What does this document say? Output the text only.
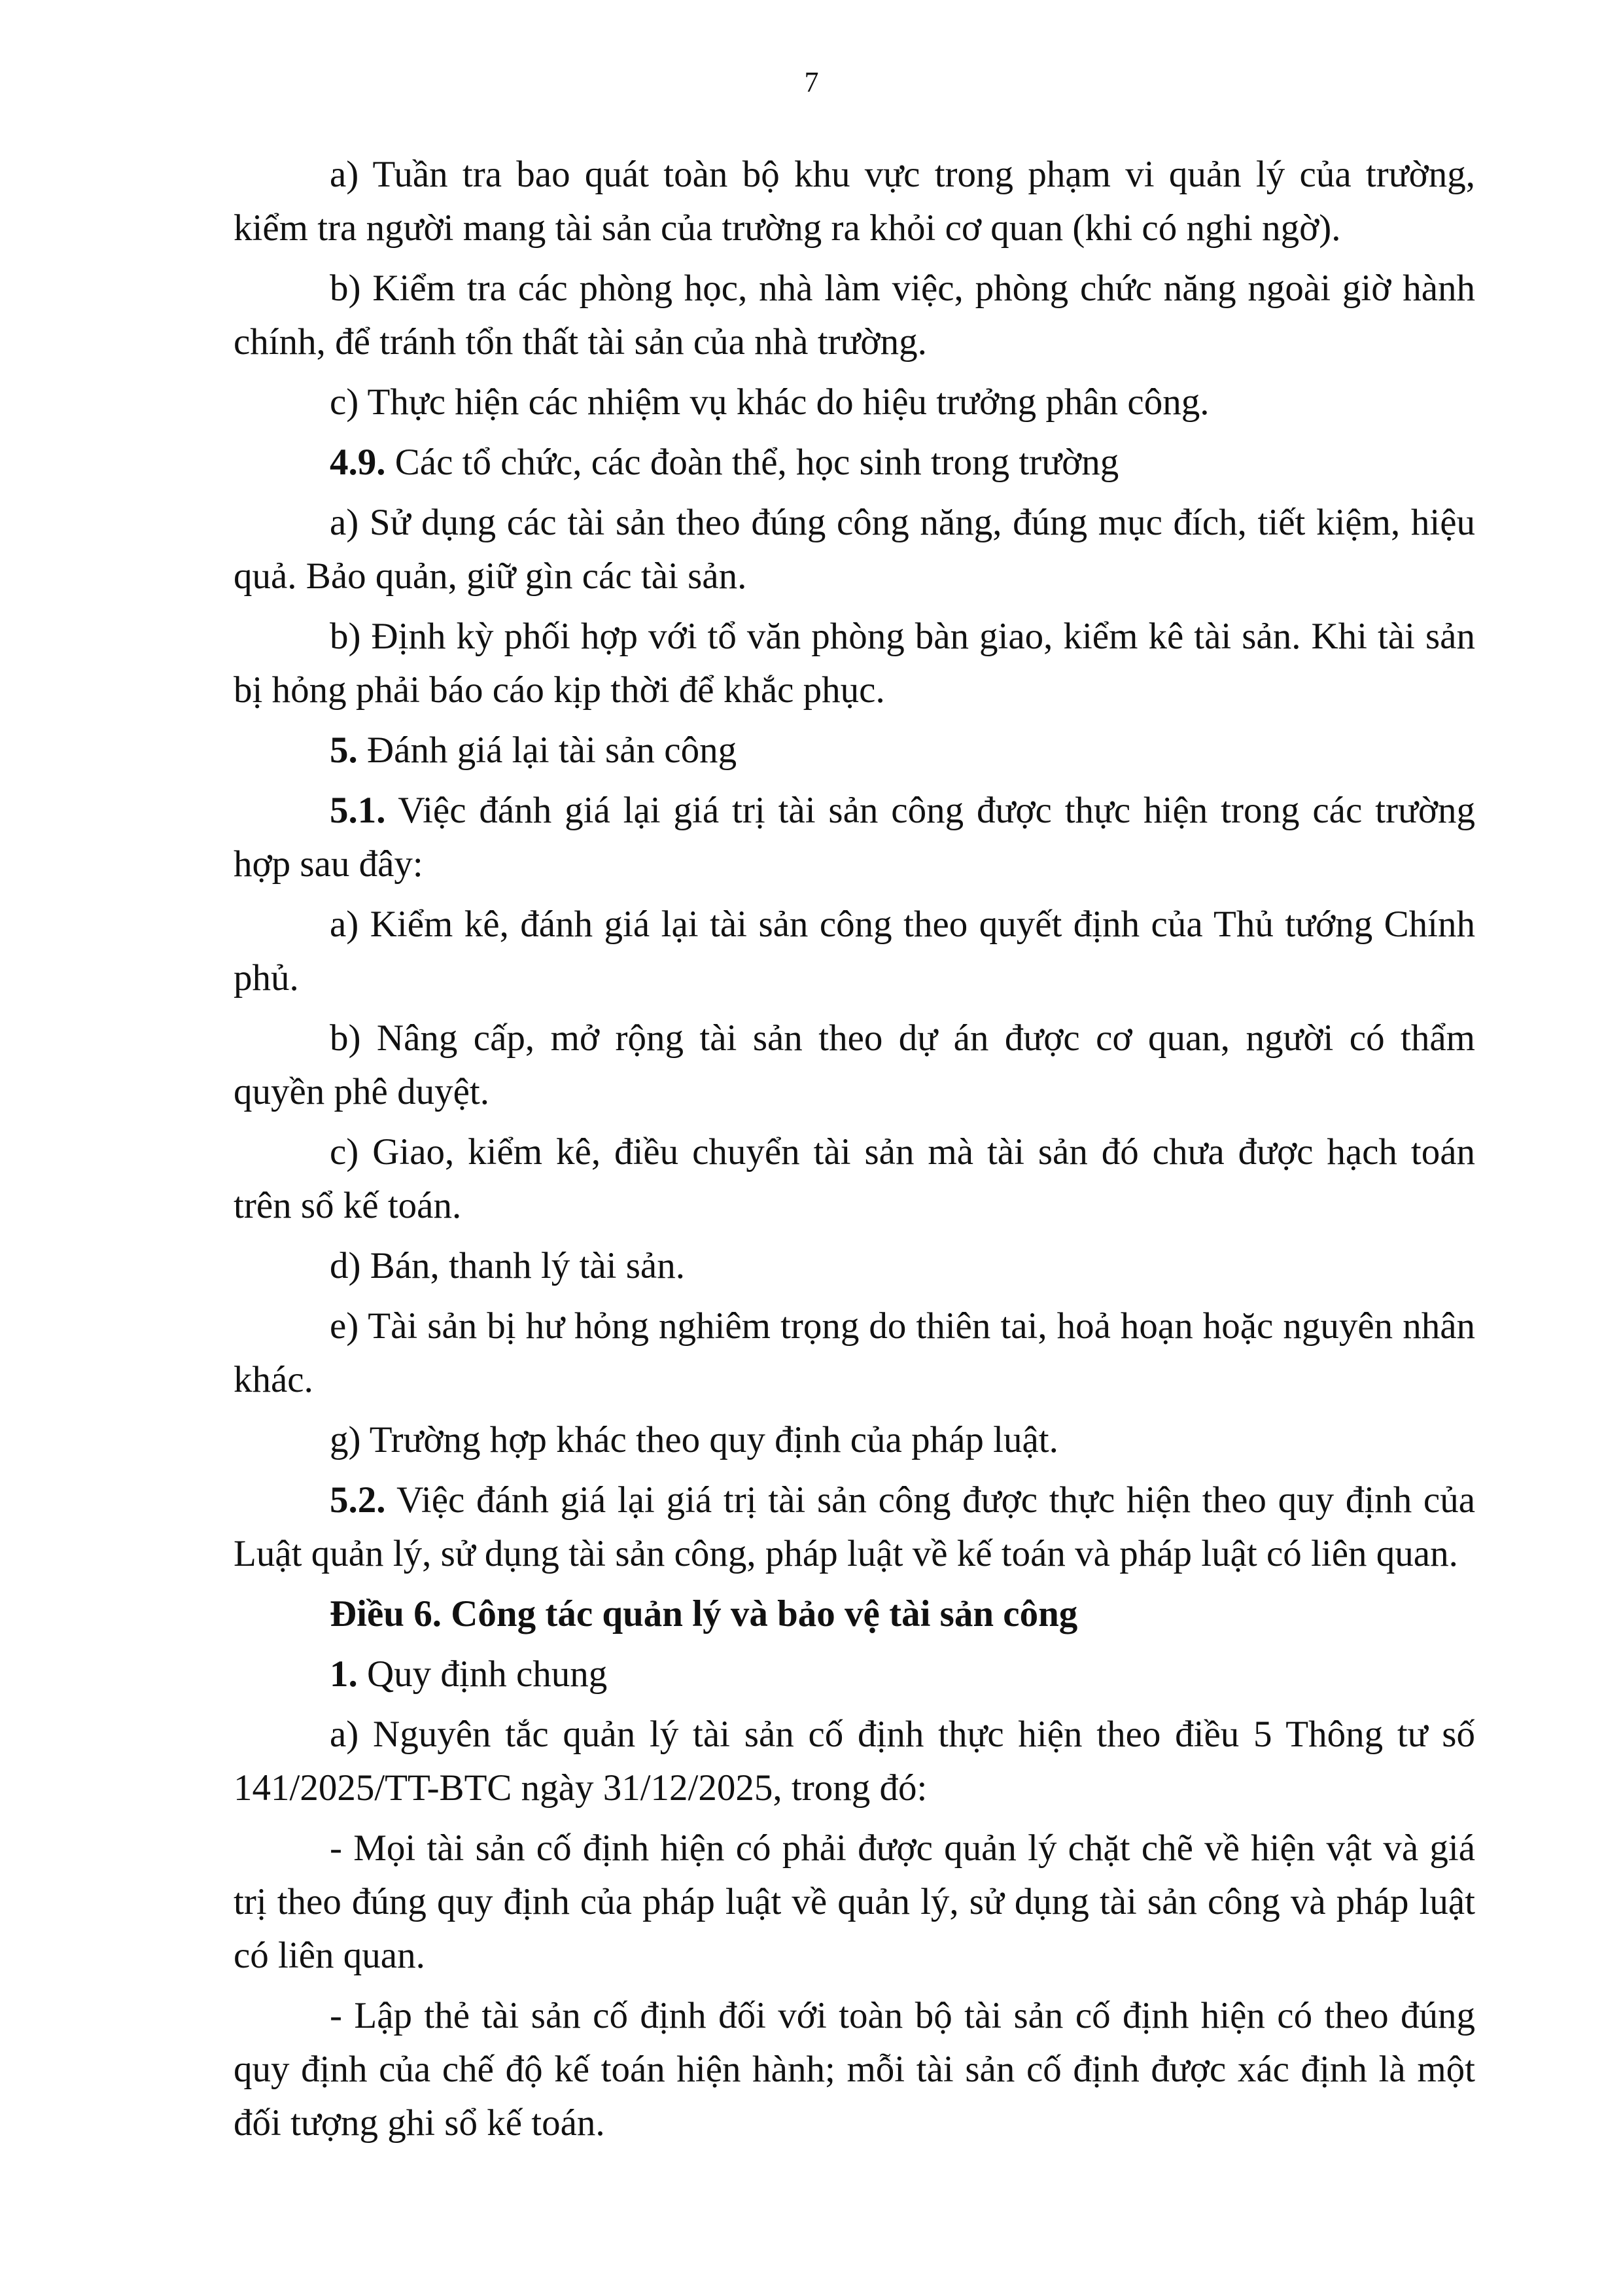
7

a) Tuần tra bao quát toàn bộ khu vực trong phạm vi quản lý của trường, kiểm tra người mang tài sản của trường ra khỏi cơ quan (khi có nghi ngờ).

b) Kiểm tra các phòng học, nhà làm việc, phòng chức năng ngoài giờ hành chính, để tránh tổn thất tài sản của nhà trường.

c) Thực hiện các nhiệm vụ khác do hiệu trưởng phân công.

4.9. Các tổ chức, các đoàn thể, học sinh trong trường

a) Sử dụng các tài sản theo đúng công năng, đúng mục đích, tiết kiệm, hiệu quả. Bảo quản, giữ gìn các tài sản.

b) Định kỳ phối hợp với tổ văn phòng bàn giao, kiểm kê tài sản. Khi tài sản bị hỏng phải báo cáo kịp thời để khắc phục.

5. Đánh giá lại tài sản công

5.1. Việc đánh giá lại giá trị tài sản công được thực hiện trong các trường hợp sau đây:

a) Kiểm kê, đánh giá lại tài sản công theo quyết định của Thủ tướng Chính phủ.

b) Nâng cấp, mở rộng tài sản theo dự án được cơ quan, người có thẩm quyền phê duyệt.

c) Giao, kiểm kê, điều chuyển tài sản mà tài sản đó chưa được hạch toán trên sổ kế toán.

d) Bán, thanh lý tài sản.

e) Tài sản bị hư hỏng nghiêm trọng do thiên tai, hoả hoạn hoặc nguyên nhân khác.

g) Trường hợp khác theo quy định của pháp luật.

5.2. Việc đánh giá lại giá trị tài sản công được thực hiện theo quy định của Luật quản lý, sử dụng tài sản công, pháp luật về kế toán và pháp luật có liên quan.

Điều 6. Công tác quản lý và bảo vệ tài sản công

1. Quy định chung

a) Nguyên tắc quản lý tài sản cố định thực hiện theo điều 5 Thông tư số 141/2025/TT-BTC ngày 31/12/2025, trong đó:

- Mọi tài sản cố định hiện có phải được quản lý chặt chẽ về hiện vật và giá trị theo đúng quy định của pháp luật về quản lý, sử dụng tài sản công và pháp luật có liên quan.

- Lập thẻ tài sản cố định đối với toàn bộ tài sản cố định hiện có theo đúng quy định của chế độ kế toán hiện hành; mỗi tài sản cố định được xác định là một đối tượng ghi sổ kế toán.
